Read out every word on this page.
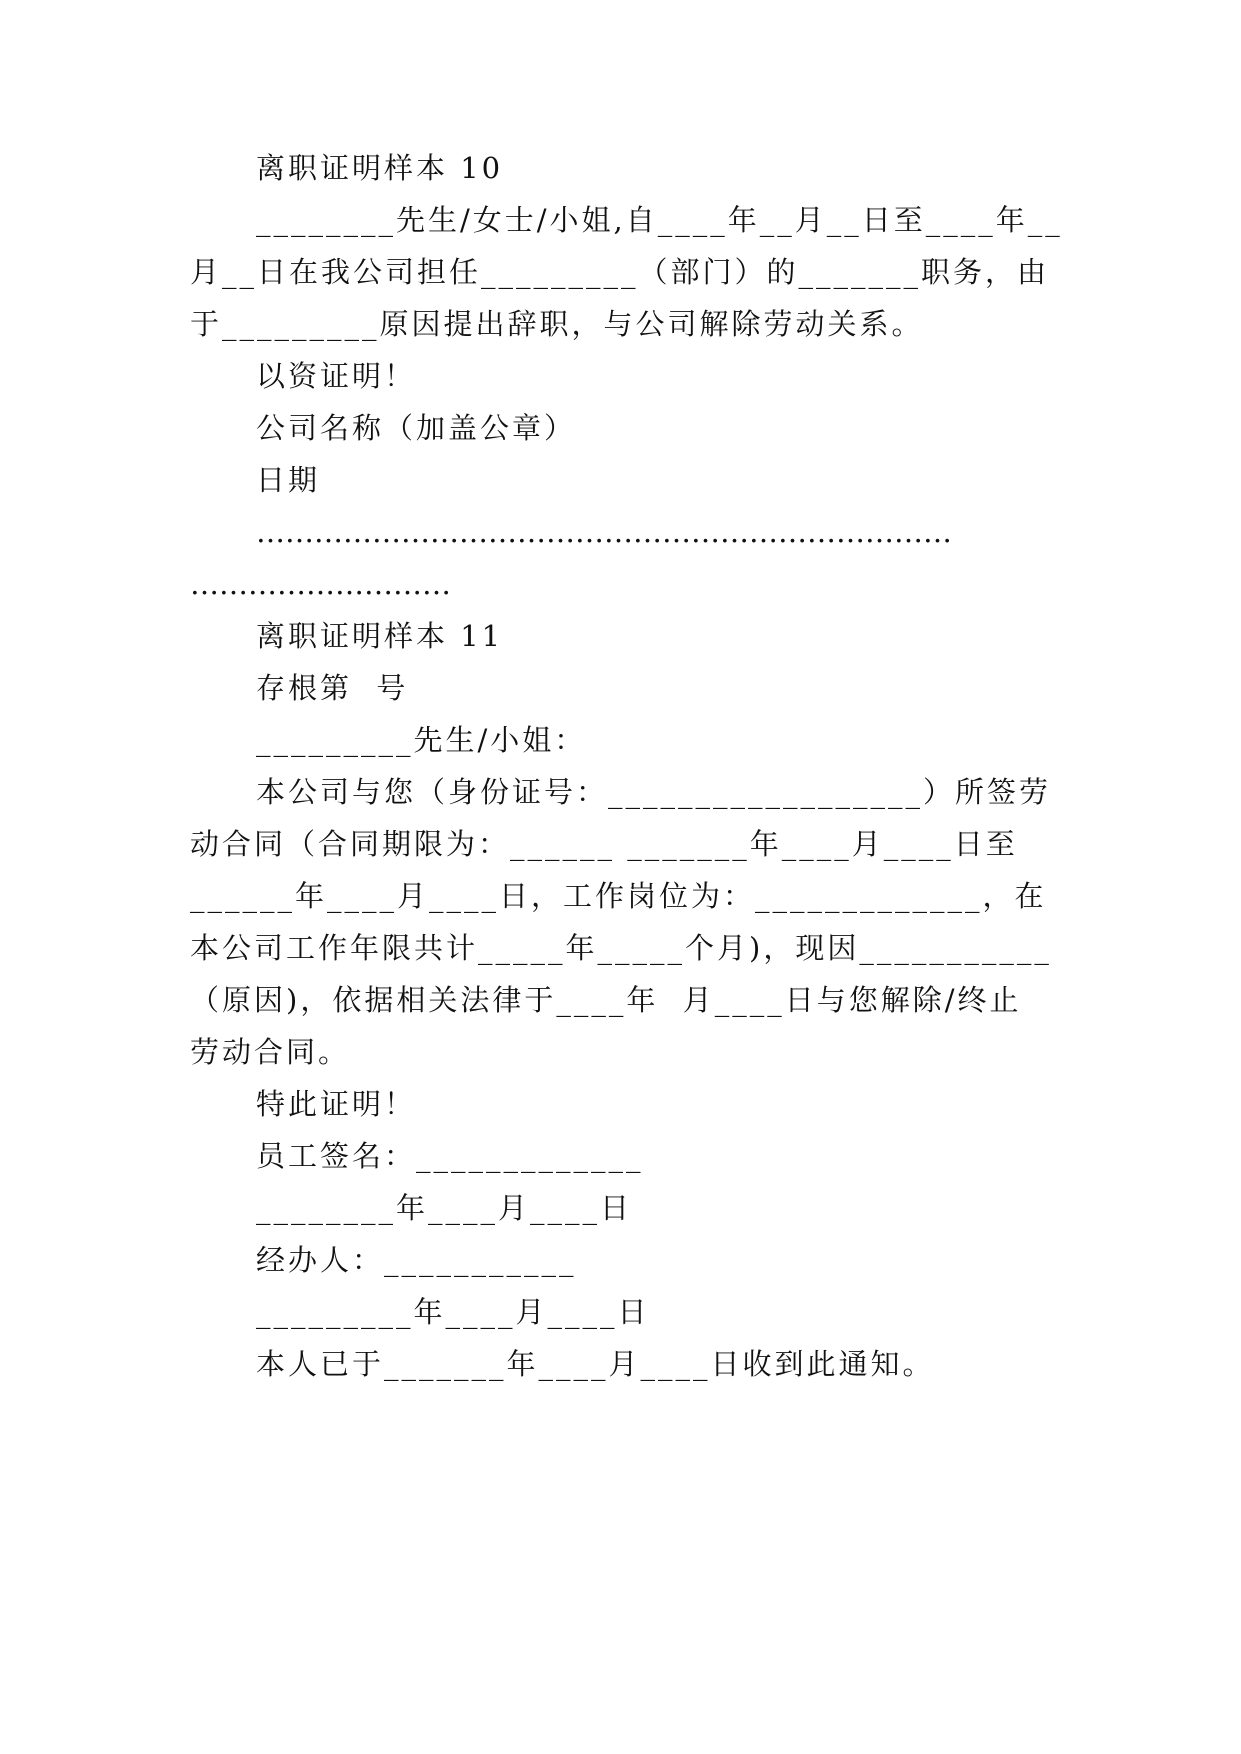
离职证明样本 10
________先生/女士/小姐,自____年__月__日至____年__
月__日在我公司担任_________（部门）的_______职务，由
于_________原因提出辞职，与公司解除劳动关系。
以资证明！
公司名称（加盖公章）
日期
………………………………………………………………
………………………
离职证明样本 11
存根第  号
_________先生/小姐：
本公司与您（身份证号：__________________）所签劳
动合同（合同期限为：______ _______年____月____日至
______年____月____日，工作岗位为：_____________，在
本公司工作年限共计_____年_____个月)，现因___________
（原因)，依据相关法律于____年  月____日与您解除/终止
劳动合同。
特此证明！
员工签名：_____________
________年____月____日
经办人：___________
_________年____月____日
本人已于_______年____月____日收到此通知。
